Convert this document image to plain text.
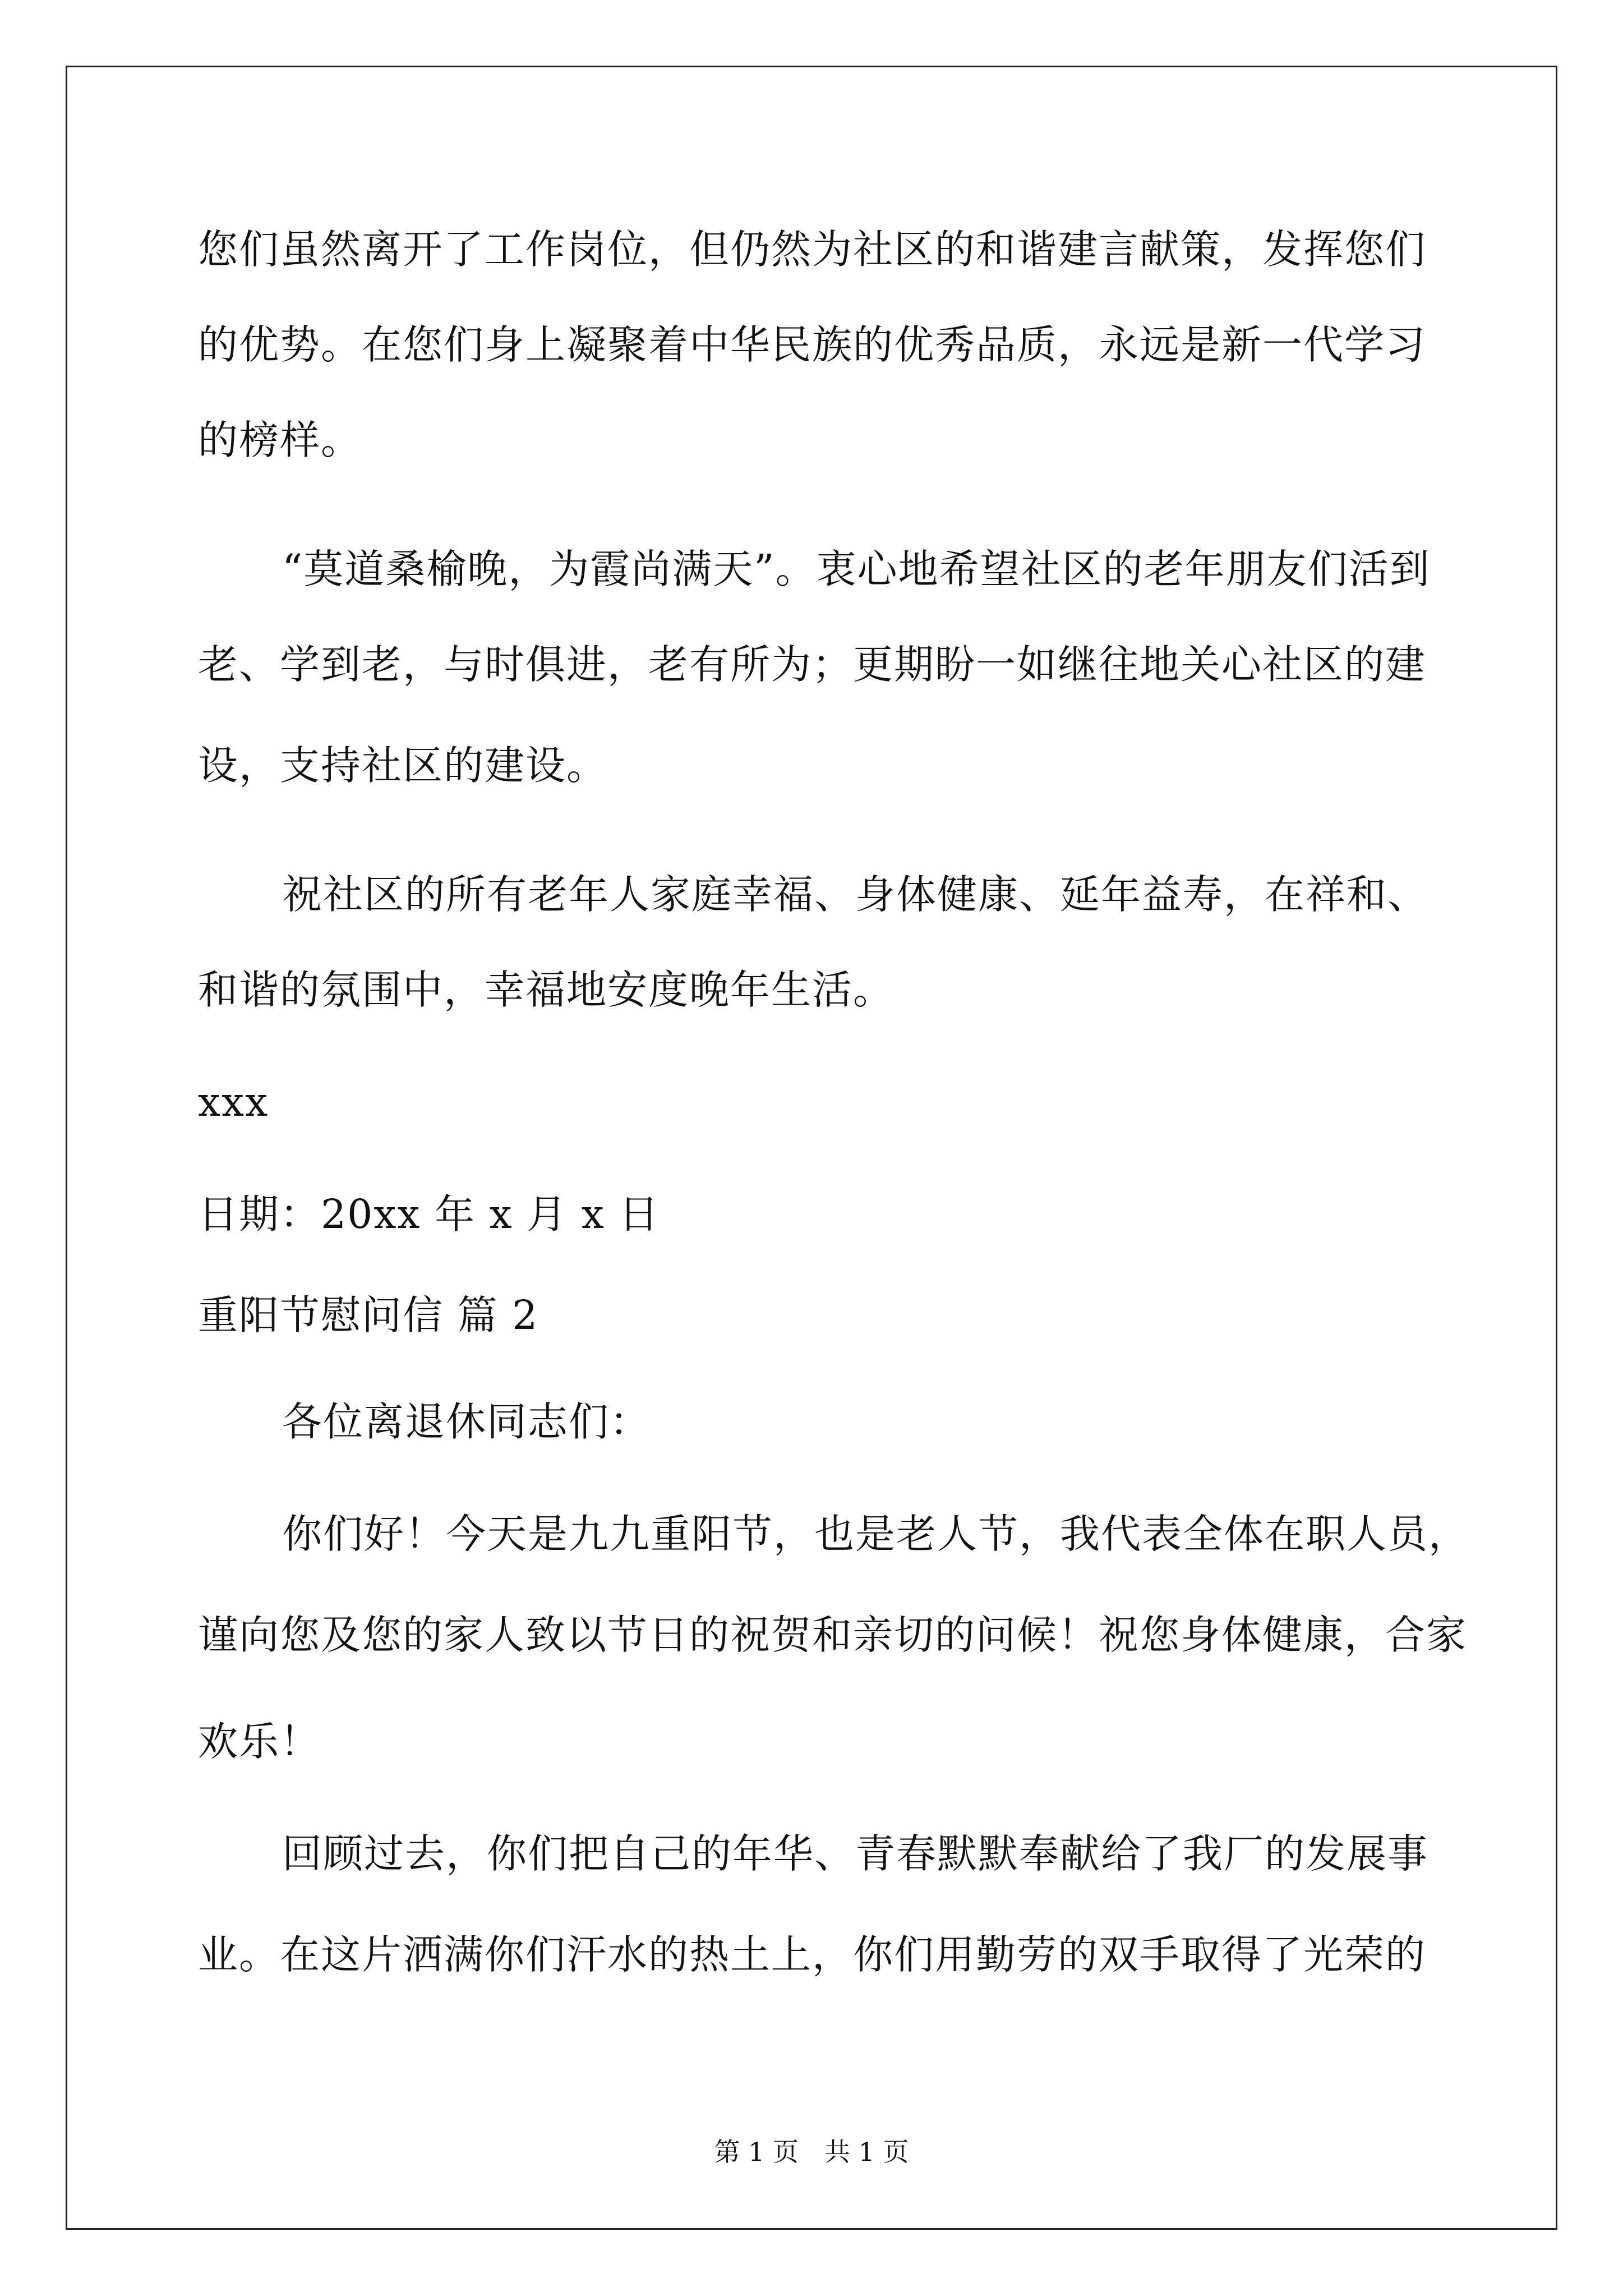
您们虽然离开了工作岗位，但仍然为社区的和谐建言献策，发挥您们
的优势。在您们身上凝聚着中华民族的优秀品质，永远是新一代学习
的榜样。
“莫道桑榆晚，为霞尚满天”。衷心地希望社区的老年朋友们活到
老、学到老，与时俱进，老有所为；更期盼一如继往地关心社区的建
设，支持社区的建设。
祝社区的所有老年人家庭幸福、身体健康、延年益寿，在祥和、
和谐的氛围中，幸福地安度晚年生活。
xxx
日期：20xx 年 x 月 x 日
重阳节慰问信 篇 2
各位离退休同志们：
你们好！今天是九九重阳节，也是老人节，我代表全体在职人员，
谨向您及您的家人致以节日的祝贺和亲切的问候！祝您身体健康，合家
欢乐！
回顾过去，你们把自己的年华、青春默默奉献给了我厂的发展事
业。在这片洒满你们汗水的热土上，你们用勤劳的双手取得了光荣的
第 1 页　共 1 页
